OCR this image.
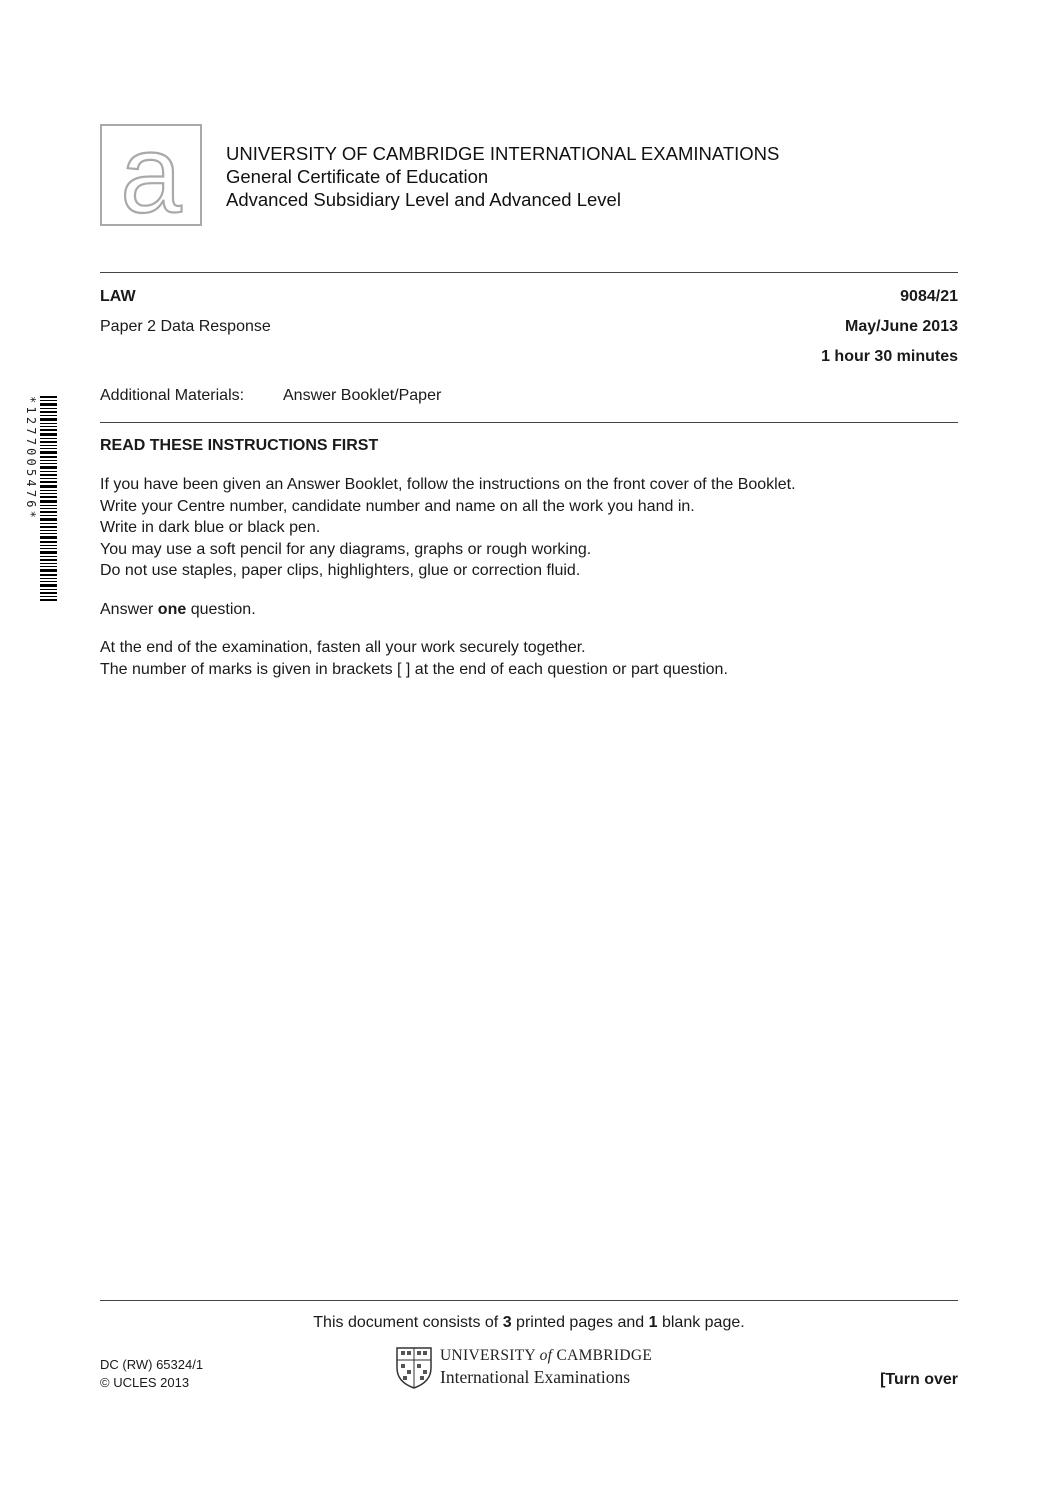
a UNIVERSITY OF CAMBRIDGE INTERNATIONAL EXAMINATIONS
General Certificate of Education
Advanced Subsidiary Level and Advanced Level
LAW	9084/21
Paper 2 Data Response	May/June 2013
1 hour 30 minutes
Additional Materials: Answer Booklet/Paper
*1277005476*	READ THESE INSTRUCTIONS FIRST

If you have been given an Answer Booklet, follow the instructions on the front cover of the Booklet.

Write your Centre number, candidate number and name on all the work you hand in.

Write in dark blue or black pen.

You may use a soft pencil for any diagrams, graphs or rough working.

Do not use staples, paper clips, highlighters, glue or correction fluid.

Answer one question.

At the end of the examination, fasten all your work securely together.

The number of marks is given in brackets [ ] at the end of each question or part question.

This document consists of 3 printed pages and 1 blank page.
DC (RW) 65324/1
© UCLES 2013
UNIVERSITY of CAMBRIDGE
International Examinations	[Turn over
